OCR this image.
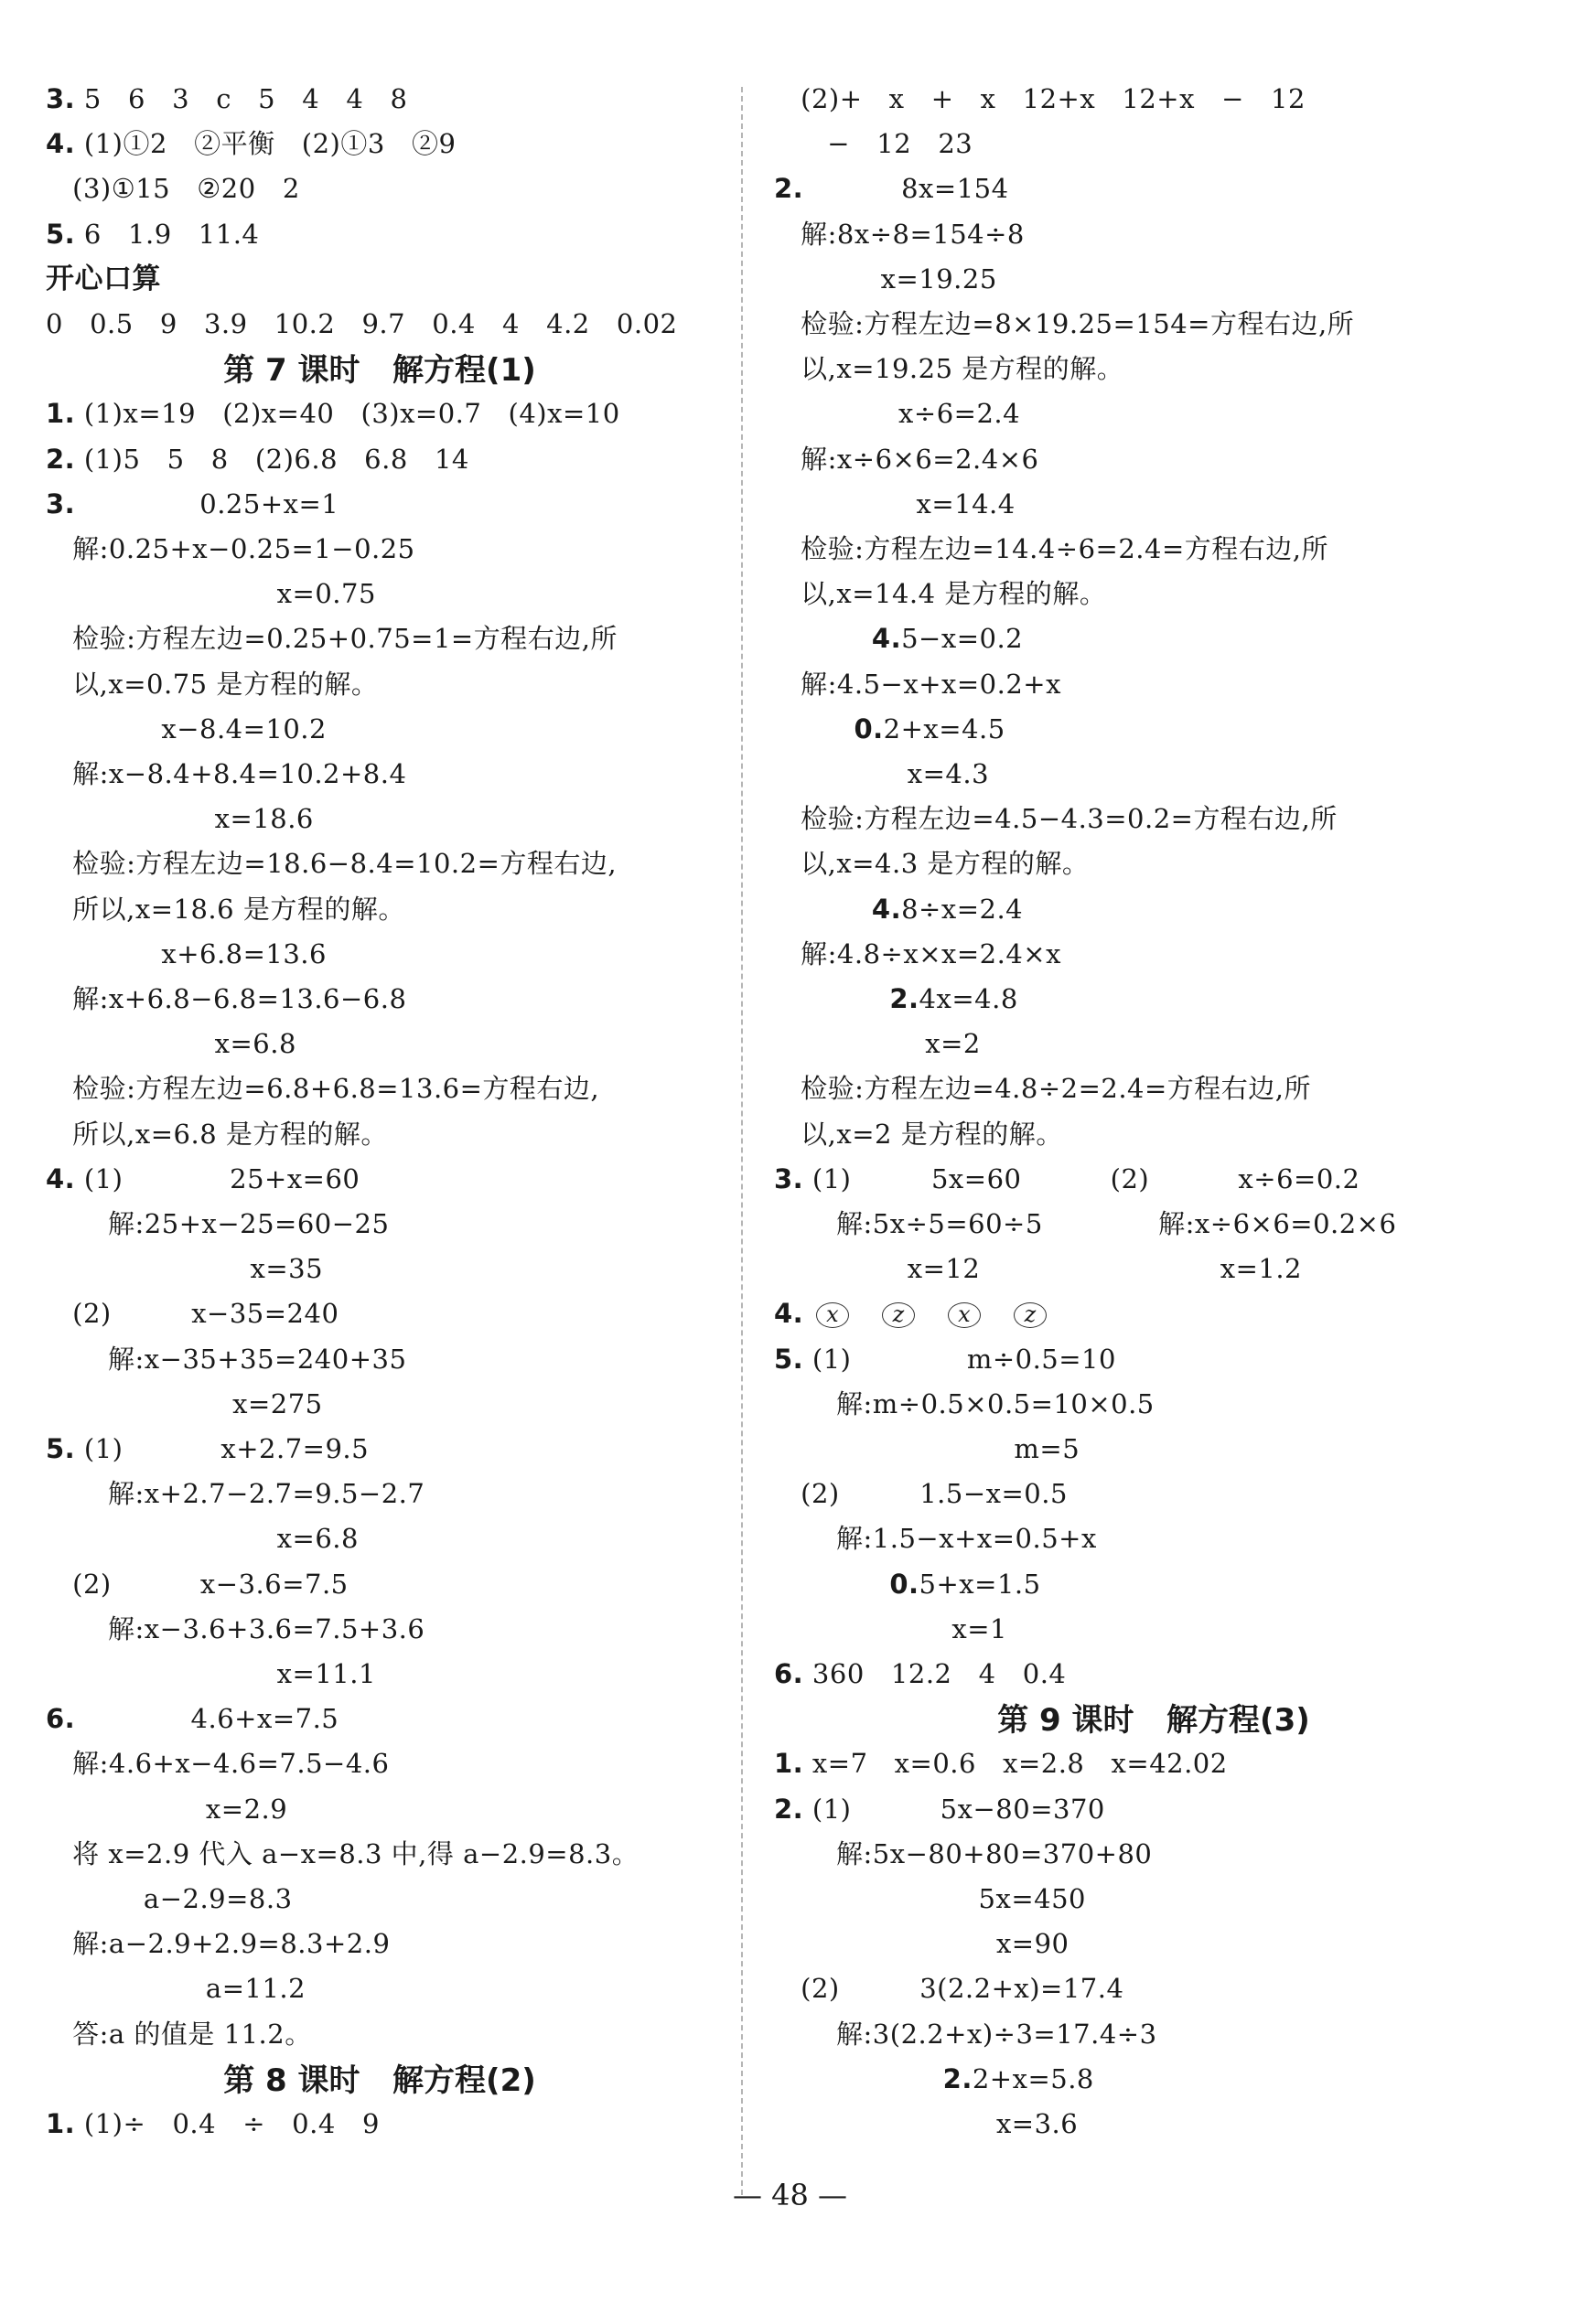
3. 5   6   3   c   5   4   4   8
4. (1)①2   ②平衡   (2)①3   ②9
(3)①15   ②20   2
5. 6   1.9   11.4
开心口算
0   0.5   9   3.9   10.2   9.7   0.4   4   4.2   0.02
第 7 课时   解方程(1)
1. (1)x=19   (2)x=40   (3)x=0.7   (4)x=10
2. (1)5   5   8   (2)6.8   6.8   14
3.              0.25+x=1
解:0.25+x−0.25=1−0.25
x=0.75
检验:方程左边=0.25+0.75=1=方程右边,所
以,x=0.75 是方程的解。
x−8.4=10.2
解:x−8.4+8.4=10.2+8.4
x=18.6
检验:方程左边=18.6−8.4=10.2=方程右边,
所以,x=18.6 是方程的解。
x+6.8=13.6
解:x+6.8−6.8=13.6−6.8
x=6.8
检验:方程左边=6.8+6.8=13.6=方程右边,
所以,x=6.8 是方程的解。
4. (1)            25+x=60
解:25+x−25=60−25
x=35
(2)         x−35=240
解:x−35+35=240+35
x=275
5. (1)           x+2.7=9.5
解:x+2.7−2.7=9.5−2.7
x=6.8
(2)          x−3.6=7.5
解:x−3.6+3.6=7.5+3.6
x=11.1
6.             4.6+x=7.5
解:4.6+x−4.6=7.5−4.6
x=2.9
将 x=2.9 代入 a−x=8.3 中,得 a−2.9=8.3。
a−2.9=8.3
解:a−2.9+2.9=8.3+2.9
a=11.2
答:a 的值是 11.2。
第 8 课时   解方程(2)
1. (1)÷   0.4   ÷   0.4   9
(2)+   x   +   x   12+x   12+x   −   12
−   12   23
2.           8x=154
解:8x÷8=154÷8
x=19.25
检验:方程左边=8×19.25=154=方程右边,所
以,x=19.25 是方程的解。
x÷6=2.4
解:x÷6×6=2.4×6
x=14.4
检验:方程左边=14.4÷6=2.4=方程右边,所
以,x=14.4 是方程的解。
4.5−x=0.2
解:4.5−x+x=0.2+x
0.2+x=4.5
x=4.3
检验:方程左边=4.5−4.3=0.2=方程右边,所
以,x=4.3 是方程的解。
4.8÷x=2.4
解:4.8÷x×x=2.4×x
2.4x=4.8
x=2
检验:方程左边=4.8÷2=2.4=方程右边,所
以,x=2 是方程的解。
3. (1)         5x=60          (2)          x÷6=0.2
解:5x÷5=60÷5             解:x÷6×6=0.2×6
x=12                           x=1.2
4. x z x z
5. (1)             m÷0.5=10
解:m÷0.5×0.5=10×0.5
m=5
(2)         1.5−x=0.5
解:1.5−x+x=0.5+x
0.5+x=1.5
x=1
6. 360   12.2   4   0.4
第 9 课时   解方程(3)
1. x=7   x=0.6   x=2.8   x=42.02
2. (1)          5x−80=370
解:5x−80+80=370+80
5x=450
x=90
(2)         3(2.2+x)=17.4
解:3(2.2+x)÷3=17.4÷3
2.2+x=5.8
x=3.6
— 48 —
